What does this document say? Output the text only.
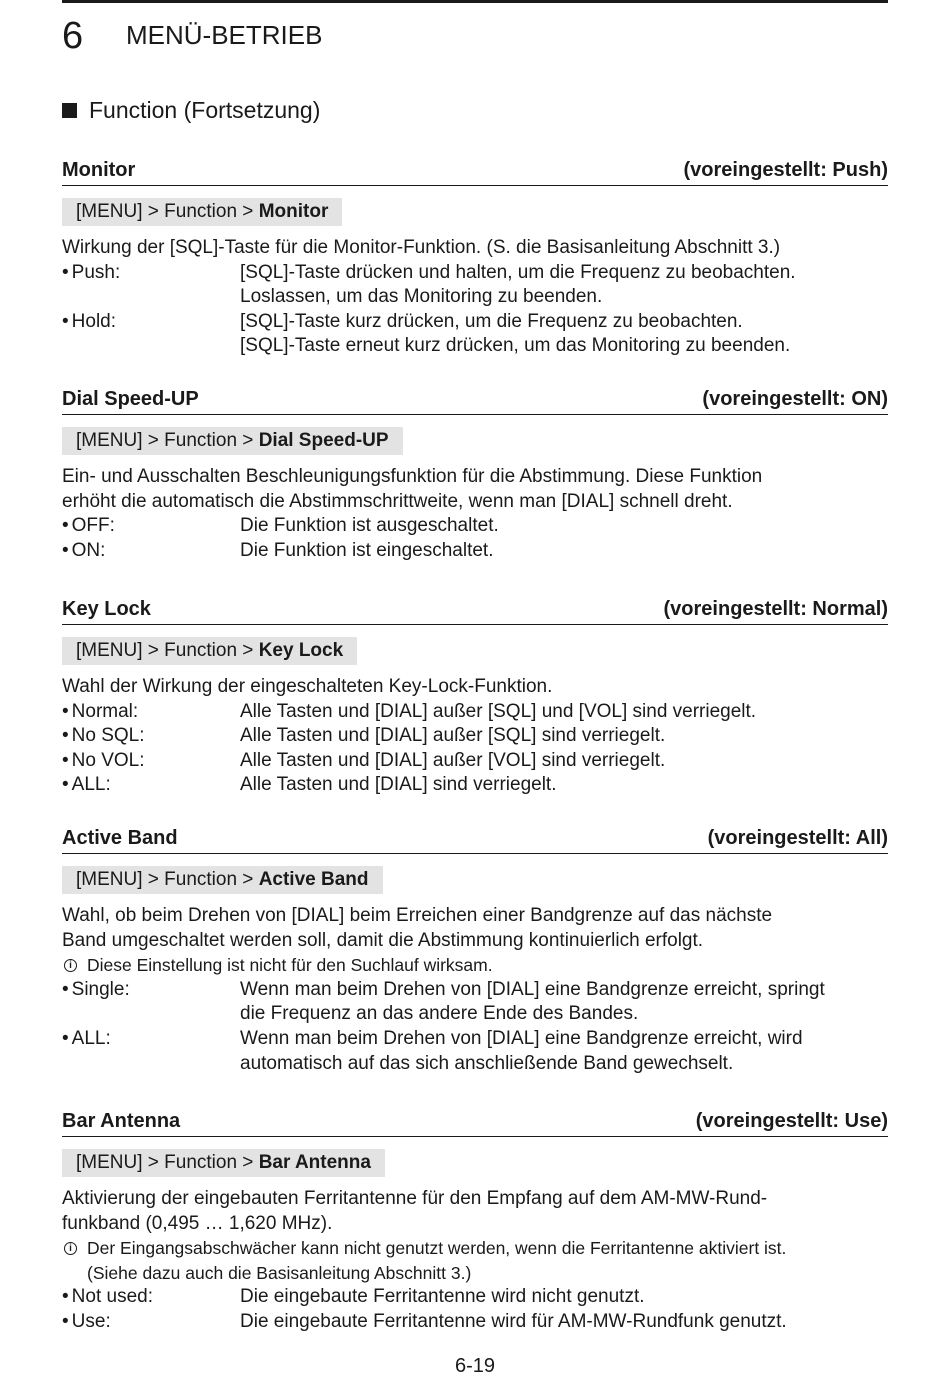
6 MENÜ-BETRIEB
Function (Fortsetzung)
Monitor	(voreingestellt: Push)
[MENU] > Function > Monitor
Wirkung der [SQL]-Taste für die Monitor-Funktion. (S. die Basisanleitung Abschnitt 3.)
• Push:	[SQL]-Taste drücken und halten, um die Frequenz zu beobachten.
Loslassen, um das Monitoring zu beenden.
• Hold:	[SQL]-Taste kurz drücken, um die Frequenz zu beobachten.
[SQL]-Taste erneut kurz drücken, um das Monitoring zu beenden.
Dial Speed-UP	(voreingestellt: ON)
[MENU] > Function > Dial Speed-UP
Ein- und Ausschalten Beschleunigungsfunktion für die Abstimmung. Diese Funktion
erhöht die automatisch die Abstimmschrittweite, wenn man [DIAL] schnell dreht.
• OFF:	Die Funktion ist ausgeschaltet.
• ON:	Die Funktion ist eingeschaltet.
Key Lock	(voreingestellt: Normal)
[MENU] > Function > Key Lock
Wahl der Wirkung der eingeschalteten Key-Lock-Funktion.
• Normal:	Alle Tasten und [DIAL] außer [SQL] und [VOL] sind verriegelt.
• No SQL:	Alle Tasten und [DIAL] außer [SQL] sind verriegelt.
• No VOL:	Alle Tasten und [DIAL] außer [VOL] sind verriegelt.
• ALL:	Alle Tasten und [DIAL] sind verriegelt.
Active Band	(voreingestellt: All)
[MENU] > Function > Active Band
Wahl, ob beim Drehen von [DIAL] beim Erreichen einer Bandgrenze auf das nächste
Band umgeschaltet werden soll, damit die Abstimmung kontinuierlich erfolgt.
i Diese Einstellung ist nicht für den Suchlauf wirksam.
• Single:	Wenn man beim Drehen von [DIAL] eine Bandgrenze erreicht, springt
die Frequenz an das andere Ende des Bandes.
• ALL:	Wenn man beim Drehen von [DIAL] eine Bandgrenze erreicht, wird
automatisch auf das sich anschließende Band gewechselt.
Bar Antenna	(voreingestellt: Use)
[MENU] > Function > Bar Antenna
Aktivierung der eingebauten Ferritantenne für den Empfang auf dem AM-MW-Rund-
funkband (0,495 … 1,620 MHz).
i Der Eingangsabschwächer kann nicht genutzt werden, wenn die Ferritantenne aktiviert ist.
(Siehe dazu auch die Basisanleitung Abschnitt 3.)
• Not used:	Die eingebaute Ferritantenne wird nicht genutzt.
• Use:	Die eingebaute Ferritantenne wird für AM-MW-Rundfunk genutzt.
6-19
